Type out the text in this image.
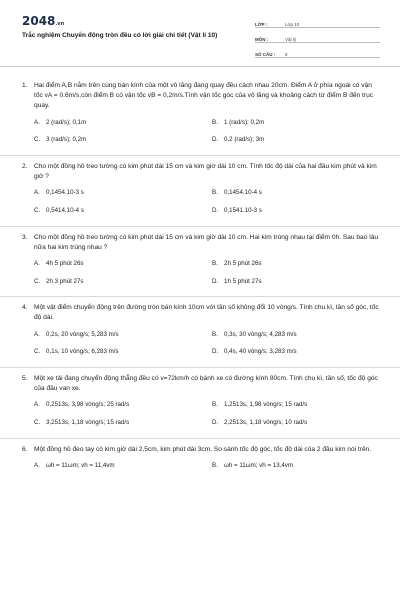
2048.vn
Trắc nghiệm Chuyển động tròn đều có lời giải chi tiết (Vật lí 10)
LỚP :	Lớp 10
MÔN :	Vật lý
SỐ CÂU :	8
1. Hai điểm A,B nằm trên cùng bán kính của một vô lăng đang quay đều cách nhau 20cm. Điểm A ở phía ngoài có vận tốc vA = 0.6m/s,còn điểm B có vận tốc vB = 0,2m/s.Tính vận tốc góc của vô lăng và khoảng cách từ điểm B đến trục quay.
A. 2 (rad/s); 0,1m	B. 1 (rad/s); 0,2m
C. 3 (rad/s); 0,2m	D. 0,2 (rad/s); 3m
2. Cho một đồng hồ treo tường có kim phút dài 15 cm và kim giờ dài 10 cm. Tính tốc độ dài của hai đầu kim phút và kim giờ ?
A. 0,1454.10-3 s	B. 0,1454.10-4 s
C. 0,5414.10-4 s	D. 0,1541.10-3 s
3. Cho một đồng hồ treo tường có kim phút dài 15 cm và kim giờ dài 10 cm. Hai kim trùng nhau tại điểm 0h. Sau bao lâu nữa hai kim trùng nhau ?
A. 4h 5 phút 26s	B. 2h 5 phút 26s
C. 2h 3 phút 27s	D. 1h 5 phút 27s
4. Một vật điểm chuyển động trên đường tròn bán kính 10cm với tần số không đổi 10 vòng/s. Tính chu kì, tần số góc, tốc độ dài.
A. 0,2s, 20 vòng/s; 5,283 m/s	B. 0,3s, 30 vòng/s; 4,283 m/s
C. 0,1s, 10 vòng/s; 6,283 m/s	D. 0,4s, 40 vòng/s; 3,283 m/s
5. Một xe tải đang chuyển động thẳng đều có v=72km/h có bánh xe có đường kính 80cm. Tính chu kì, tần số, tốc độ góc của đầu van xe.
A. 0,2513s, 3,98 vòng/s; 25 rad/s	B. 1,2513s, 1,98 vòng/s; 15 rad/s
C. 3,2513s, 1,18 vòng/s; 15 rad/s	D. 2,2513s, 1,18 vòng/s; 10 rad/s
6. Một đồng hồ đeo tay có kim giờ dài 2,5cm, kim phút dài 3cm. So sánh tốc độ góc, tốc độ dài của 2 đầu kim nói trên.
A. ωh = 11ωm; vh = 11,4vm	B. ωh = 11ωm; vh = 13,4vm
